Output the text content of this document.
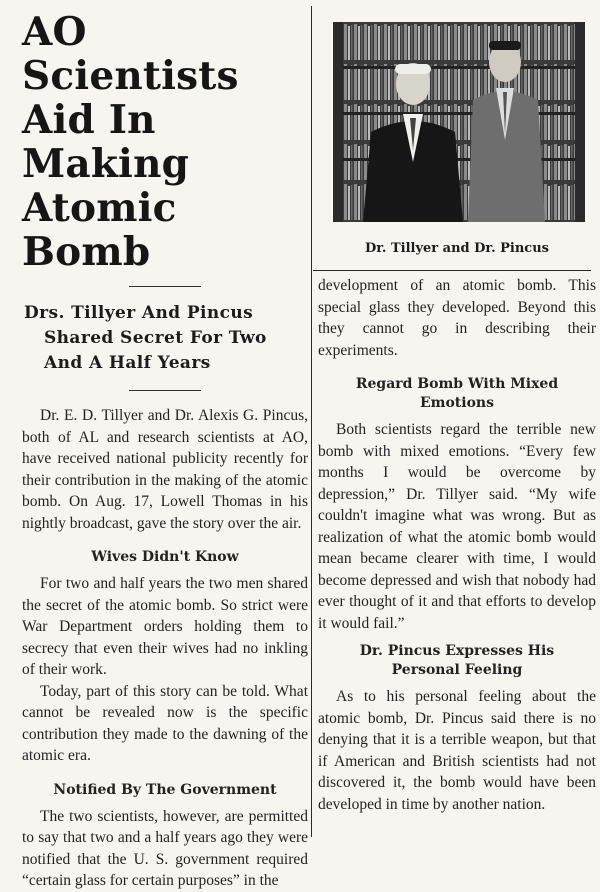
AO Scientists
Aid In Making
Atomic Bomb
Drs. Tillyer And Pincus
Shared Secret For Two
And A Half Years

Dr. E. D. Tillyer and Dr. Alexis G. Pincus, both of AL and research scientists at AO, have received national publicity recently for their contribution in the making of the atomic bomb. On Aug. 17, Lowell Thomas in his nightly broadcast, gave the story over the air.

Wives Didn't Know

For two and half years the two men shared the secret of the atomic bomb. So strict were War Department orders holding them to secrecy that even their wives had no inkling of their work.

Today, part of this story can be told. What cannot be revealed now is the specific contribution they made to the dawning of the atomic era.

Notified By The Government

The two scientists, however, are permitted to say that two and a half years ago they were notified that the U. S. government required “certain glass for certain purposes” in the

Dr. Tillyer and Dr. Pincus

development of an atomic bomb. This special glass they developed. Beyond this they cannot go in describing their experiments.

Regard Bomb With Mixed
Emotions

Both scientists regard the terrible new bomb with mixed emotions. “Every few months I would be overcome by depression,” Dr. Tillyer said. “My wife couldn't imagine what was wrong. But as realization of what the atomic bomb would mean became clearer with time, I would become depressed and wish that nobody had ever thought of it and that efforts to develop it would fail.”

Dr. Pincus Expresses His
Personal Feeling

As to his personal feeling about the atomic bomb, Dr. Pincus said there is no denying that it is a terrible weapon, but that if American and British scientists had not discovered it, the bomb would have been developed in time by another nation.
